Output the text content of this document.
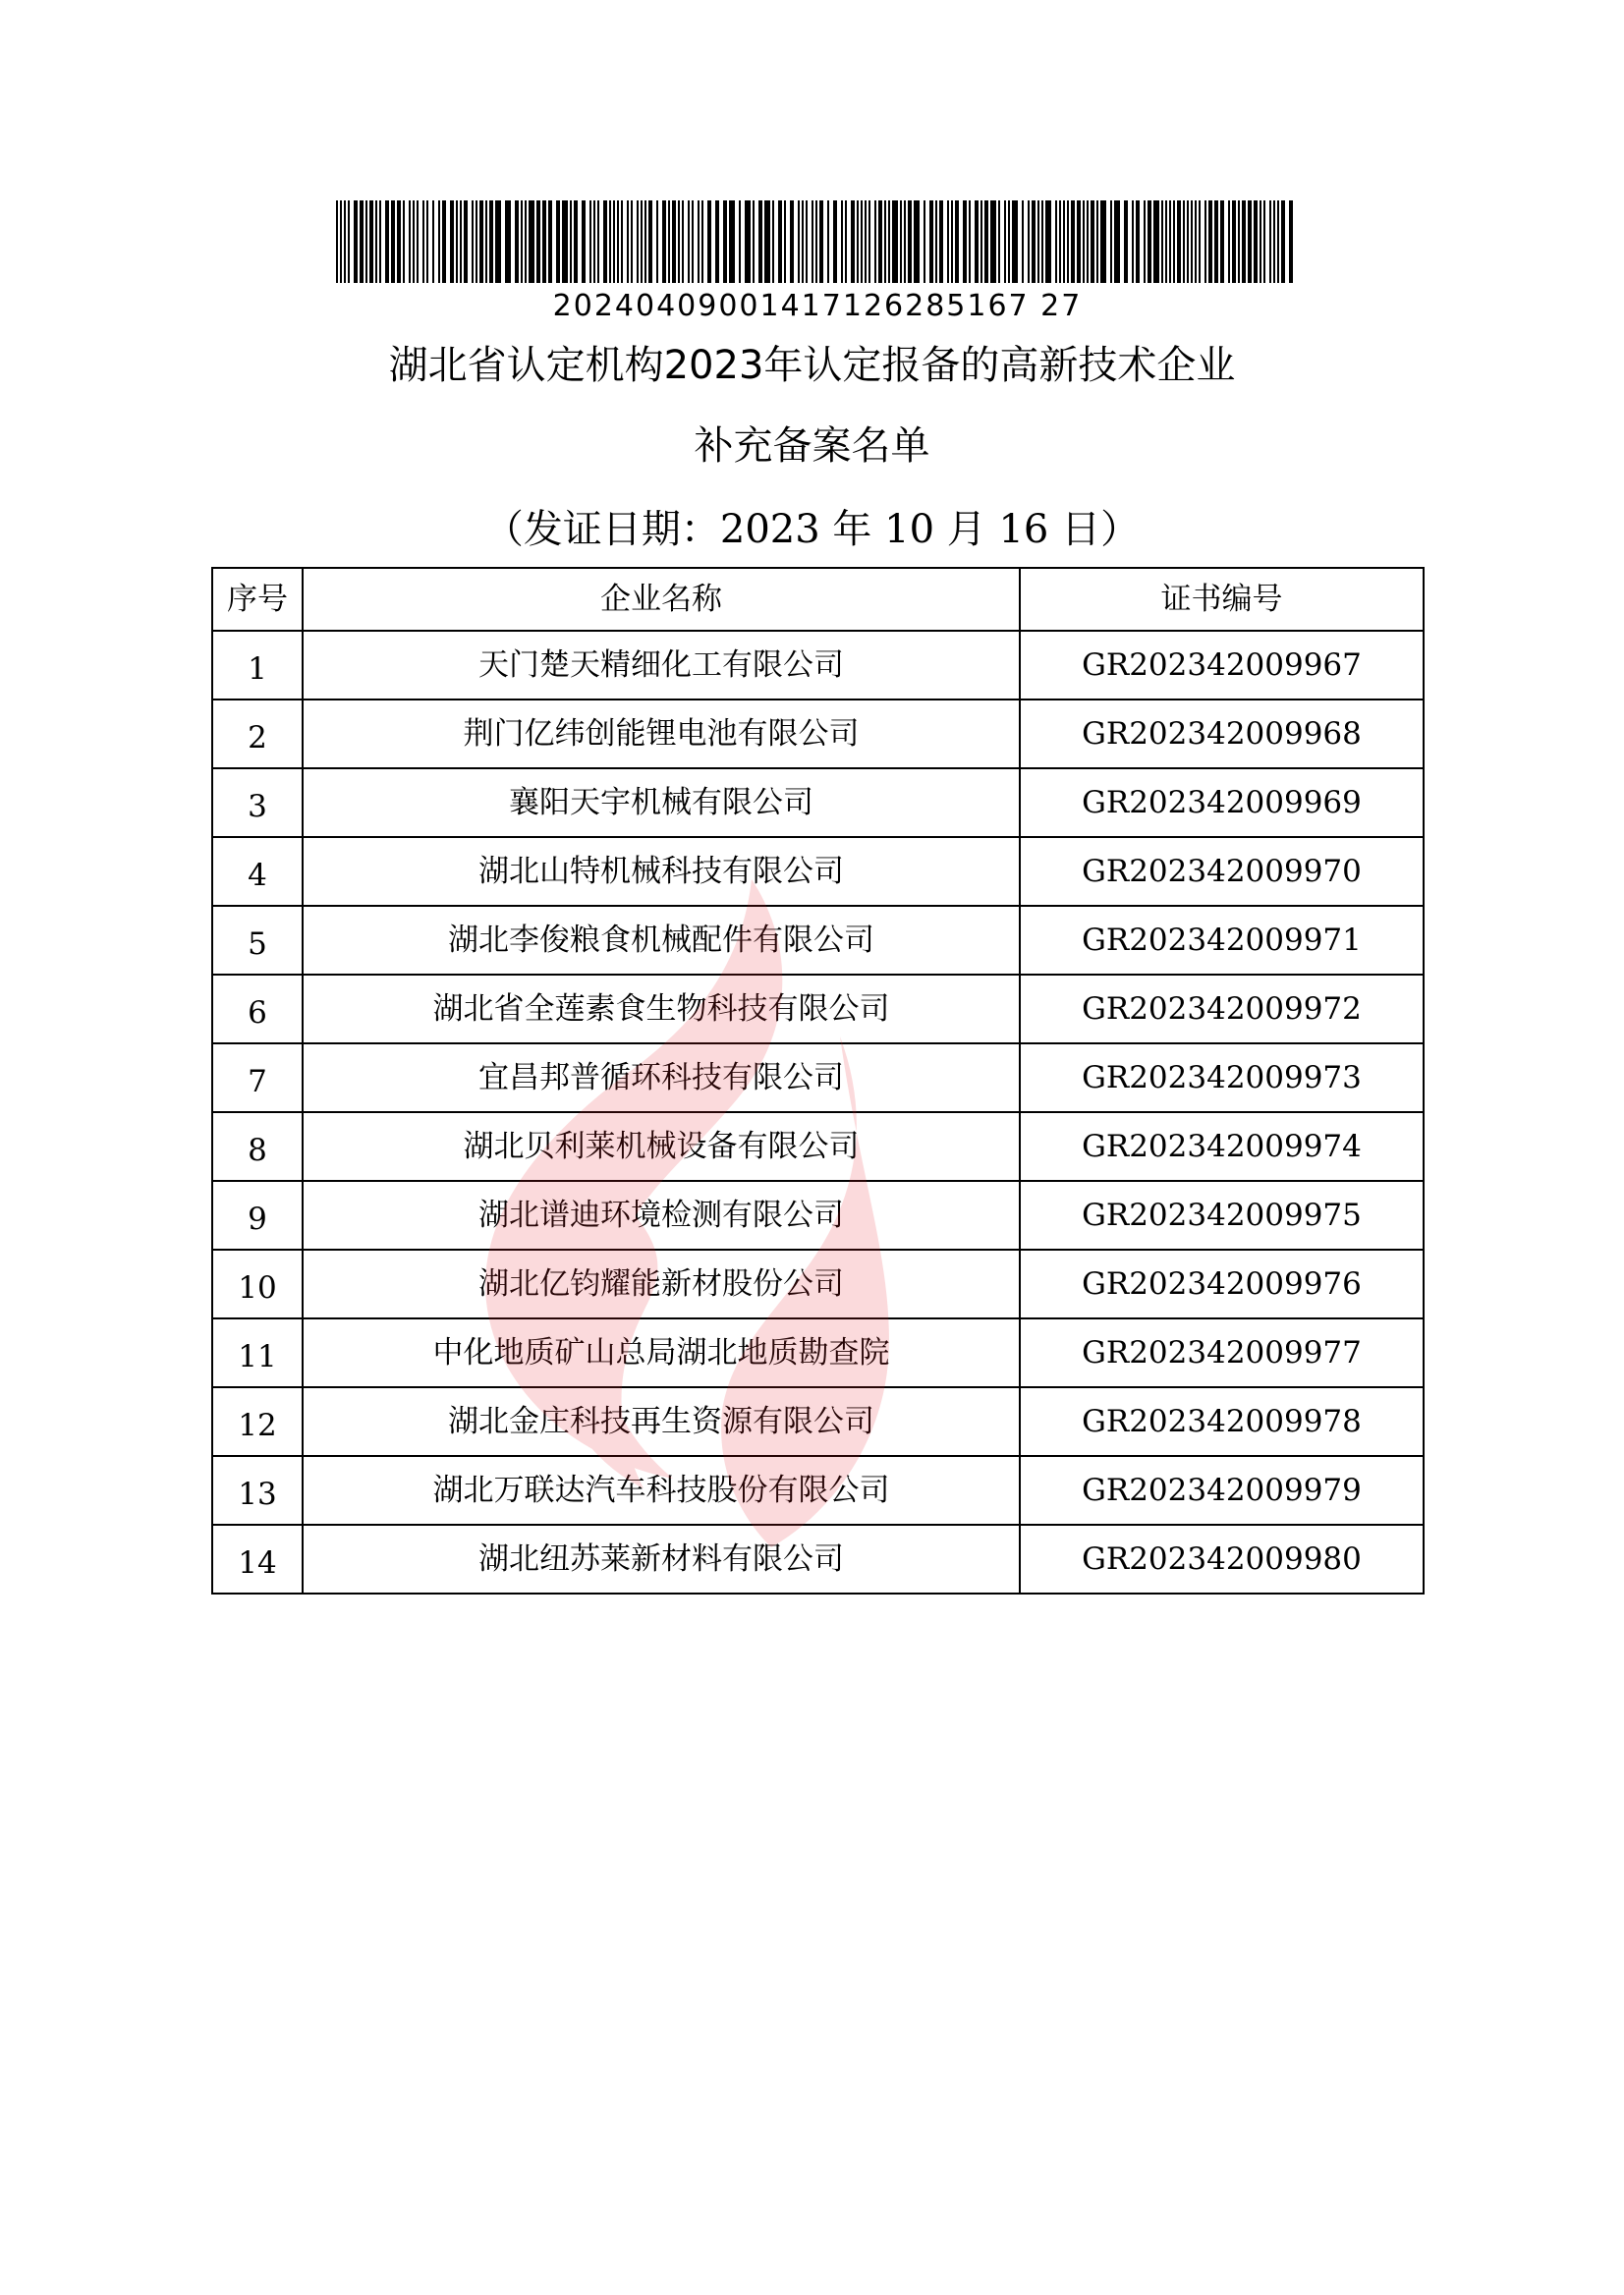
20240409001417126285167 27
湖北省认定机构2023年认定报备的高新技术企业
补充备案名单
（发证日期：2023 年 10 月 16 日）
序号	企业名称	证书编号
1	天门楚天精细化工有限公司	GR202342009967
2	荆门亿纬创能锂电池有限公司	GR202342009968
3	襄阳天宇机械有限公司	GR202342009969
4	湖北山特机械科技有限公司	GR202342009970
5	湖北李俊粮食机械配件有限公司	GR202342009971
6	湖北省全莲素食生物科技有限公司	GR202342009972
7	宜昌邦普循环科技有限公司	GR202342009973
8	湖北贝利莱机械设备有限公司	GR202342009974
9	湖北谱迪环境检测有限公司	GR202342009975
10	湖北亿钧耀能新材股份公司	GR202342009976
11	中化地质矿山总局湖北地质勘查院	GR202342009977
12	湖北金庄科技再生资源有限公司	GR202342009978
13	湖北万联达汽车科技股份有限公司	GR202342009979
14	湖北纽苏莱新材料有限公司	GR202342009980
